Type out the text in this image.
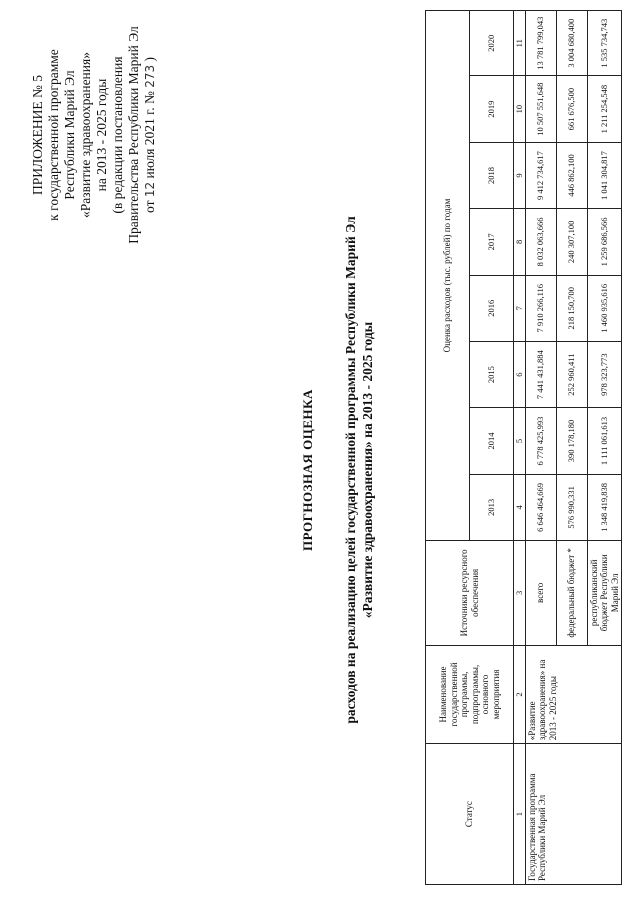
ПРИЛОЖЕНИЕ № 5 к государственной программе Республики Марий Эл «Развитие здравоохранения» на 2013 - 2025 годы (в редакции постановления Правительства Республики Марий Эл от 12 июля 2021 г. № 273 )
ПРОГНОЗНАЯ ОЦЕНКА расходов на реализацию целей государственной программы Республики Марий Эл «Развитие здравоохранения» на 2013 - 2025 годы
Статус	Наименование государственной программы, подпрограммы, основного мероприятия	Источники ресурсного обеспечения	Оценка расходов (тыс. рублей) по годам							
			2013	2014	2015	2016	2017	2018	2019	2020
1	2	3	4	5	6	7	8	9	10	11
Государственная программа Республики Марий Эл	«Развитие здравоохранения» на 2013 - 2025 годы	всего	6 646 464,669	6 778 425,993	7 441 431,884	7 910 266,116	8 032 063,666	9 412 734,617	10 507 551,648	13 781 799,043
		федеральный бюджет *	576 990,331	390 178,180	252 960,411	218 150,700	240 307,100	446 862,100	661 676,500	3 004 680,400
		республиканский бюджет Республики Марий Эл	1 348 419,838	1 111 061,613	978 323,773	1 460 935,616	1 259 686,566	1 041 304,817	1 211 254,548	1 535 734,743
